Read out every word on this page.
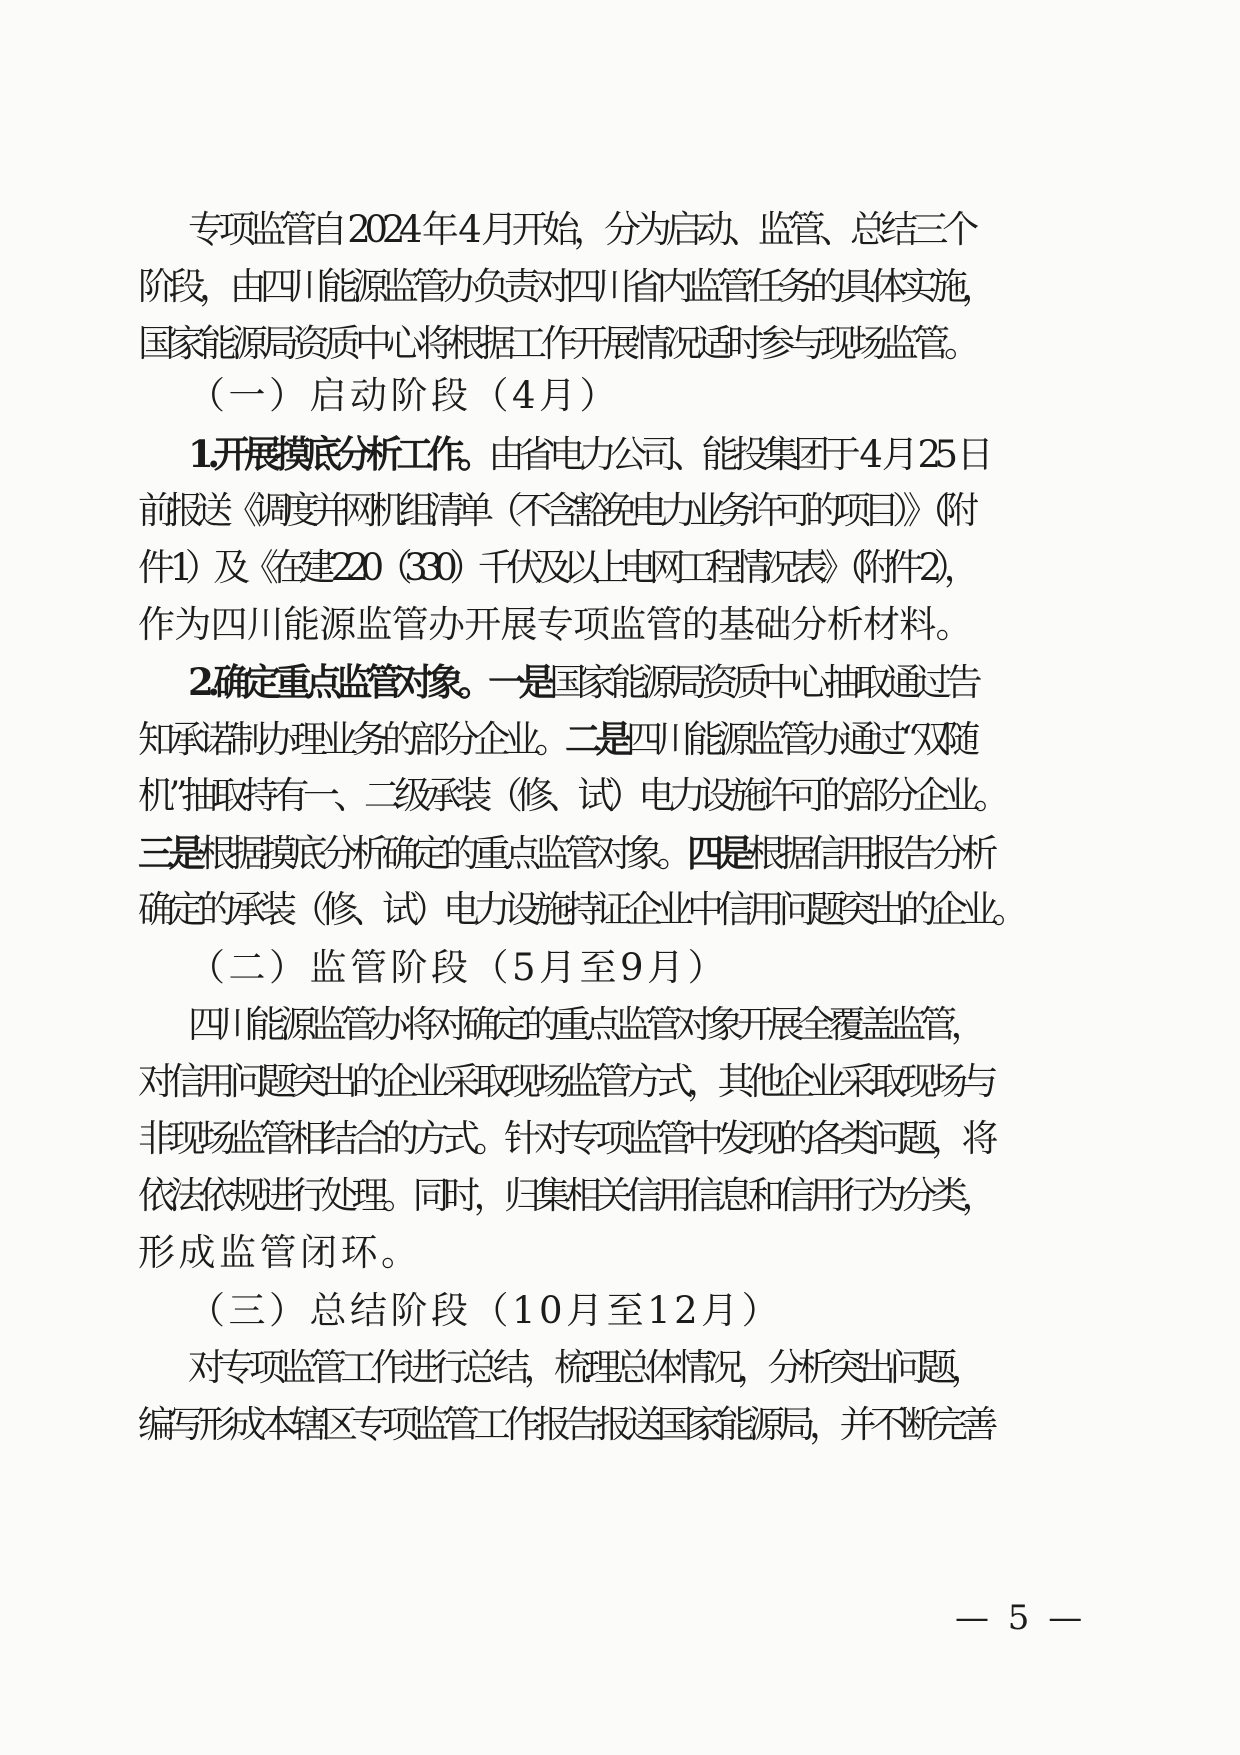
专项监管自 2024 年 4 月开始，分为启动、监管、总结三个
阶段，由四川能源监管办负责对四川省内监管任务的具体实施，
国家能源局资质中心将根据工作开展情况适时参与现场监管。
（一）启动阶段（4月）
1.开展摸底分析工作。由省电力公司、能投集团于 4 月 25 日
前报送《调度并网机组清单（不含豁免电力业务许可的项目）》（附
件 1）及《在建 220（330）千伏及以上电网工程情况表》（附件 2），
作为四川能源监管办开展专项监管的基础分析材料。
2.确定重点监管对象。一是国家能源局资质中心抽取通过告
知承诺制办理业务的部分企业。二是四川能源监管办通过“双随
机”抽取持有一、二级承装（修、试）电力设施许可的部分企业。
三是根据摸底分析确定的重点监管对象。四是根据信用报告分析
确定的承装（修、试）电力设施持证企业中信用问题突出的企业。
（二）监管阶段（5月至9月）
四川能源监管办将对确定的重点监管对象开展全覆盖监管，
对信用问题突出的企业采取现场监管方式，其他企业采取现场与
非现场监管相结合的方式。针对专项监管中发现的各类问题，将
依法依规进行处理。同时，归集相关信用信息和信用行为分类，
形成监管闭环。
（三）总结阶段（10月至12月）
对专项监管工作进行总结，梳理总体情况，分析突出问题，
编写形成本辖区专项监管工作报告报送国家能源局，并不断完善
— 5 —
